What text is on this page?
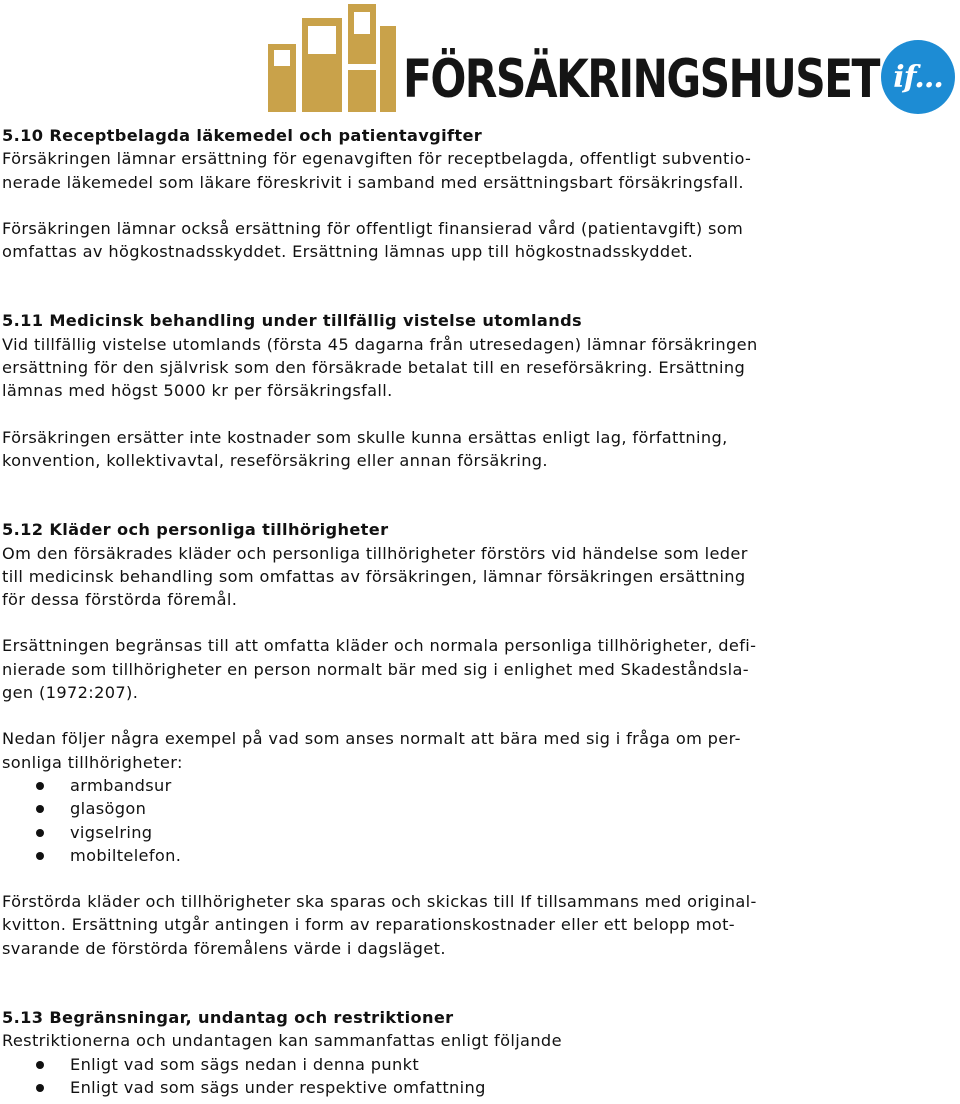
FÖRSÄKRINGSHUSET if...

5.10 Receptbelagda läkemedel och patientavgifter

Försäkringen lämnar ersättning för egenavgiften för receptbelagda, offentligt subventio-
nerade läkemedel som läkare föreskrivit i samband med ersättningsbart försäkringsfall.

Försäkringen lämnar också ersättning för offentligt finansierad vård (patientavgift) som
omfattas av högkostnadsskyddet. Ersättning lämnas upp till högkostnadsskyddet.

5.11 Medicinsk behandling under tillfällig vistelse utomlands

Vid tillfällig vistelse utomlands (första 45 dagarna från utresedagen) lämnar försäkringen
ersättning för den självrisk som den försäkrade betalat till en reseförsäkring. Ersättning
lämnas med högst 5000 kr per försäkringsfall.

Försäkringen ersätter inte kostnader som skulle kunna ersättas enligt lag, författning,
konvention, kollektivavtal, reseförsäkring eller annan försäkring.

5.12 Kläder och personliga tillhörigheter

Om den försäkrades kläder och personliga tillhörigheter förstörs vid händelse som leder
till medicinsk behandling som omfattas av försäkringen, lämnar försäkringen ersättning
för dessa förstörda föremål.

Ersättningen begränsas till att omfatta kläder och normala personliga tillhörigheter, defi-
nierade som tillhörigheter en person normalt bär med sig i enlighet med Skadeståndsla-
gen (1972:207).

Nedan följer några exempel på vad som anses normalt att bära med sig i fråga om per-
sonliga tillhörigheter:

armbandsur
glasögon
vigselring
mobiltelefon.

Förstörda kläder och tillhörigheter ska sparas och skickas till If tillsammans med original-
kvitton. Ersättning utgår antingen i form av reparationskostnader eller ett belopp mot-
svarande de förstörda föremålens värde i dagsläget.

5.13 Begränsningar, undantag och restriktioner

Restriktionerna och undantagen kan sammanfattas enligt följande

Enligt vad som sägs nedan i denna punkt
Enligt vad som sägs under respektive omfattning
